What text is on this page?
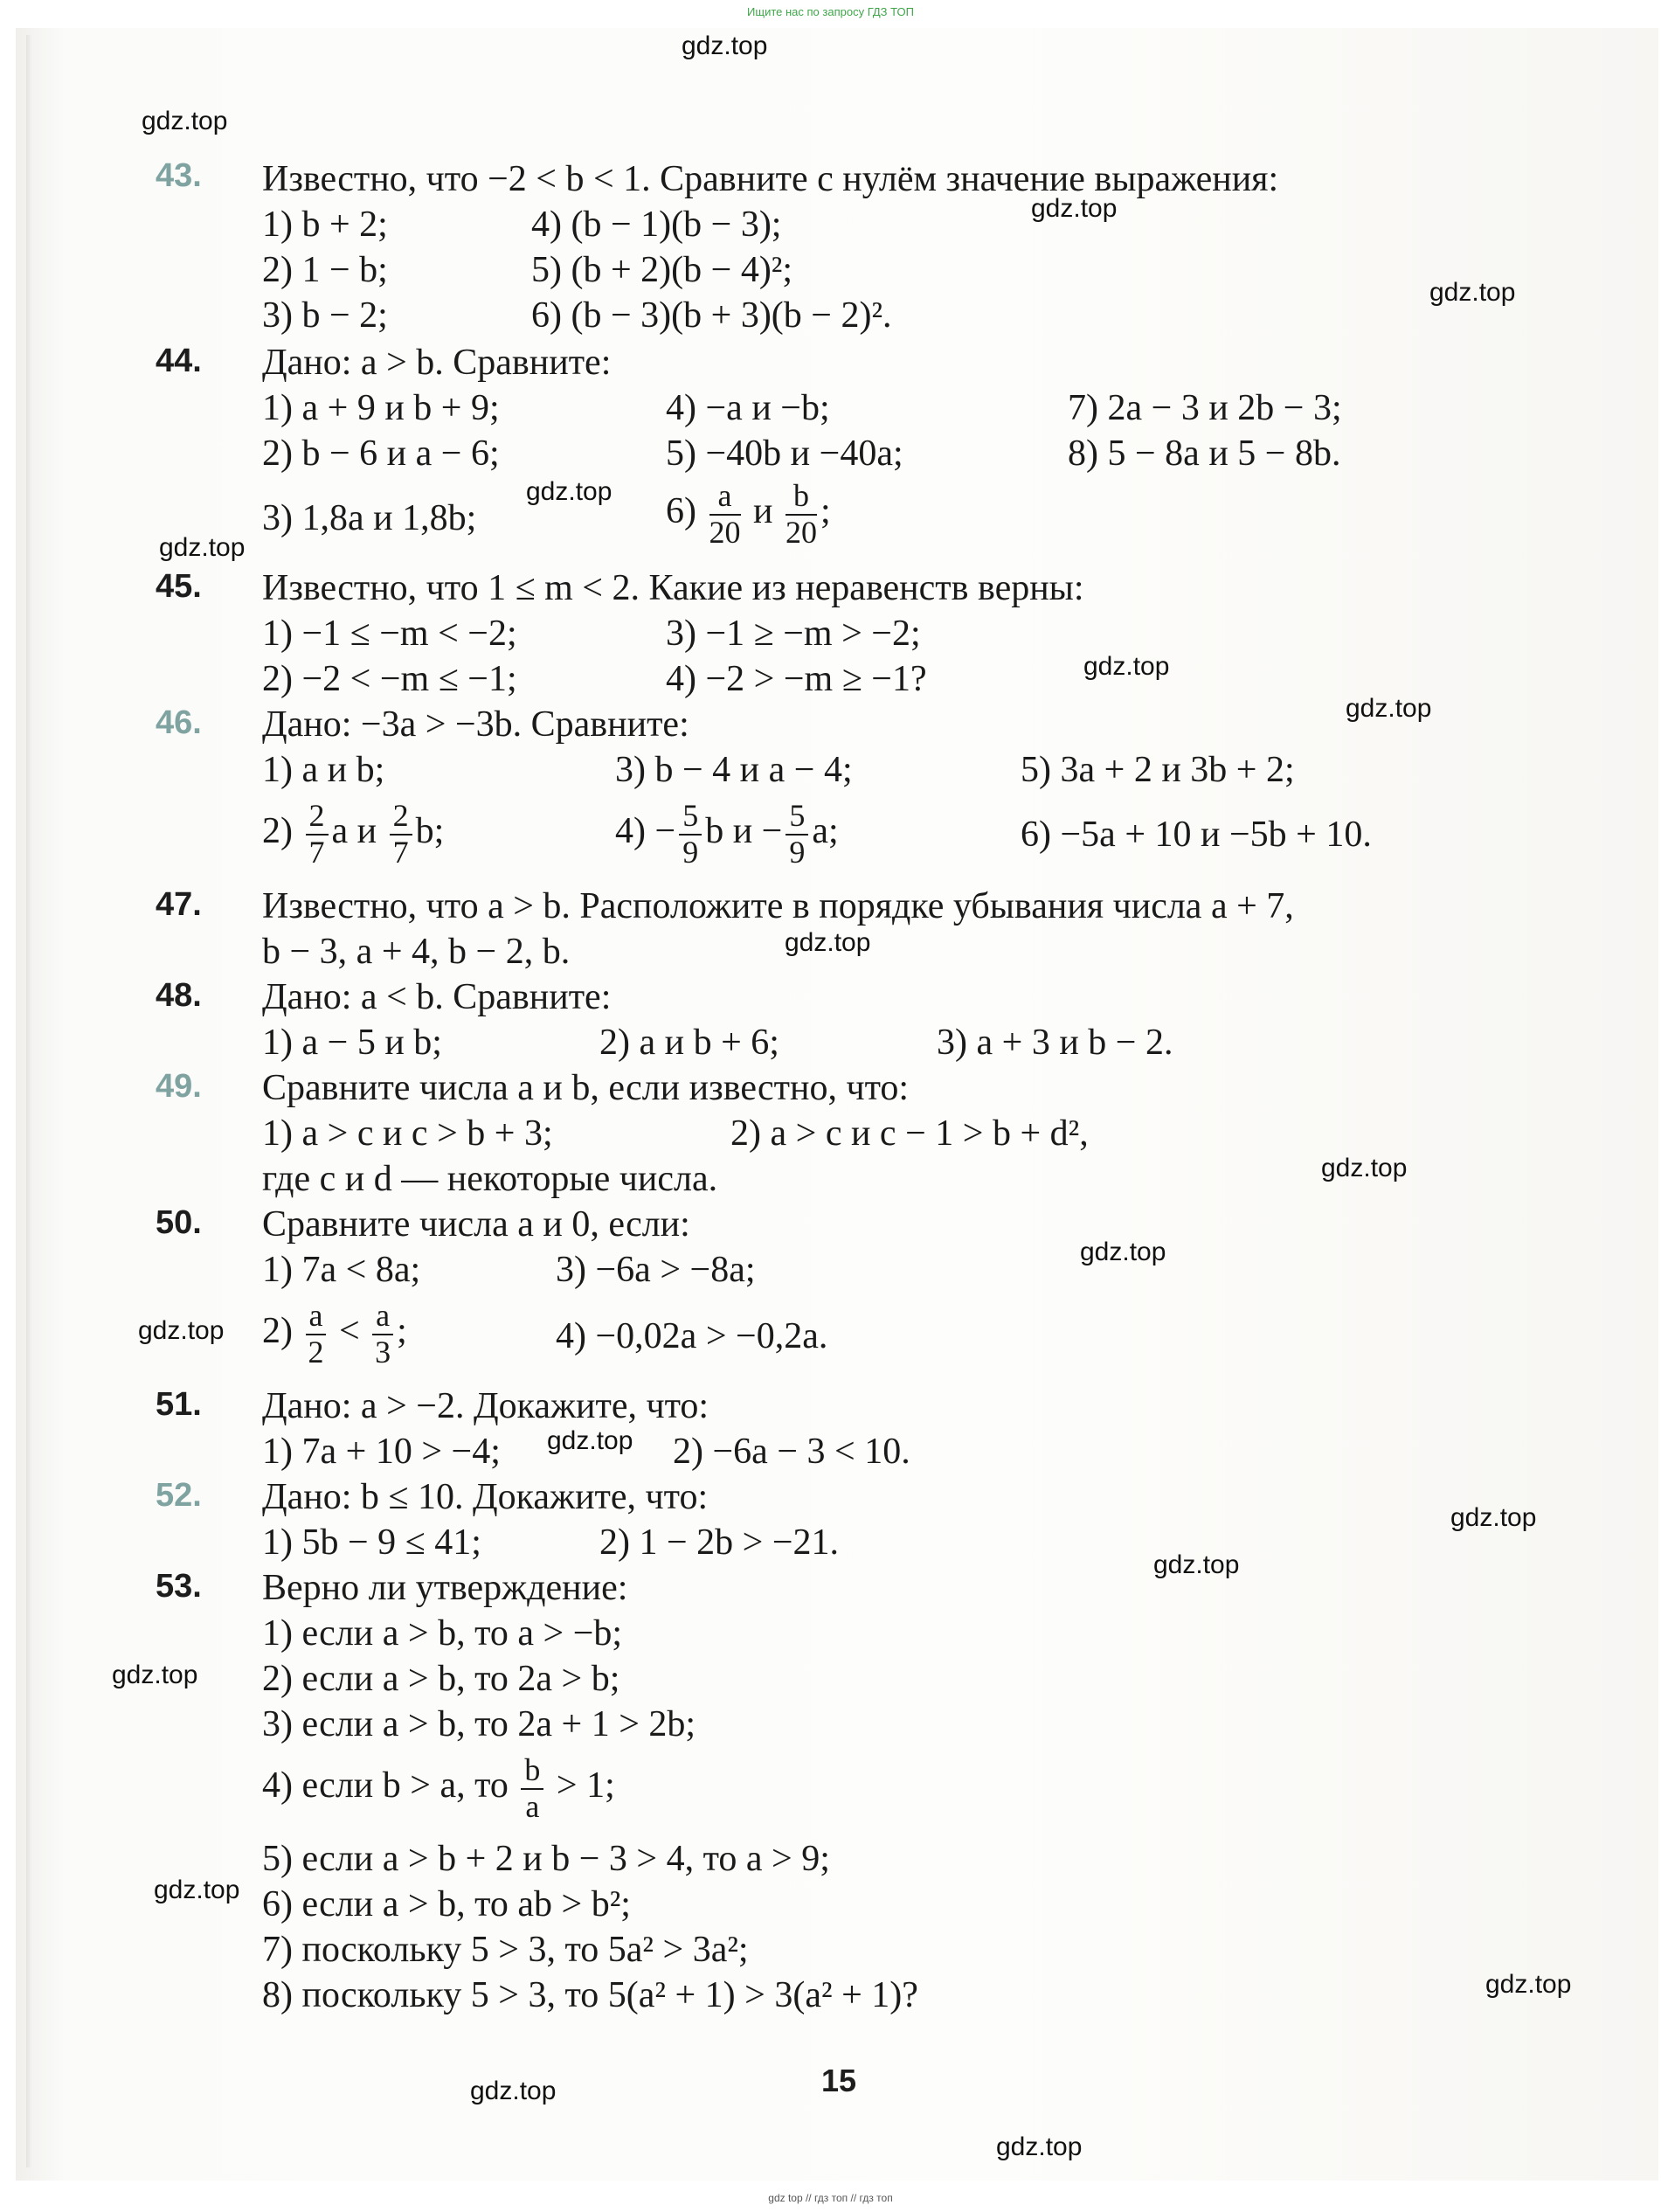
Ищите нас по запросу ГДЗ ТОП
gdz.top
gdz.top
gdz.top
gdz.top
gdz.top
gdz.top
gdz.top
gdz.top
gdz.top
gdz.top
gdz.top
gdz.top
gdz.top
gdz.top
gdz.top
gdz.top
gdz.top
gdz.top
gdz.top
gdz.top
43. Известно, что −2 < b < 1. Сравните с нулём значение выражения:
1) b + 2;
2) 1 − b;
3) b − 2;
4) (b − 1)(b − 3);
5) (b + 2)(b − 4)²;
6) (b − 3)(b + 3)(b − 2)².
44. Дано: a > b. Сравните:
1) a + 9 и b + 9;
2) b − 6 и a − 6;
3) 1,8a и 1,8b;
4) −a и −b;
5) −40b и −40a;
$6) \frac{a}{20}$ и $\frac{b}{20}$ ;
7) 2a − 3 и 2b − 3;
8) 5 − 8a и 5 − 8b.
45. Известно, что 1 ≤ m < 2. Какие из неравенств верны:
1) −1 ≤ −m < −2;
2) −2 < −m ≤ −1;
3) −1 ≥ −m > −2;
4) −2 > −m ≥ −1?
46. Дано: −3a > −3b. Сравните:
1) a и b;
$2) \frac{2}{7}$ a и $\frac{2}{7} b$;
3) b − 4 и a − 4;
$4) - \frac{5}{9}$ b $и - \frac{5}{9} a$;
5) 3a + 2 и 3b + 2;
6) −5a + 10 и −5b + 10.
47. Известно, что a > b. Расположите в порядке убывания числа a + 7,
b − 3, a + 4, b − 2, b.
48. Дано: a < b. Сравните:
1) a − 5 и b;	2) a и b + 6;	3) a + 3 и b − 2.
49. Сравните числа a и b, если известно, что:
1) a > c и c > b + 3;	2) a > c и c − 1 > b + d²,
где c и d — некоторые числа.
50. Сравните числа a и 0, если:
1) 7a < 8a;	3) −6a > −8a;
$2) \frac{a}{2} < \frac{a}{3}$ ;	4) −0,02a > −0,2a.
51. Дано: a > −2. Докажите, что:
1) 7a + 10 > −4;	2) −6a − 3 < 10.
52. Дано: b ≤ 10. Докажите, что:
1) 5b − 9 ≤ 41;	2) 1 − 2b > −21.
53. Верно ли утверждение:
1) если a > b, то a > −b;
2) если a > b, то 2a > b;
3) если a > b, то 2a + 1 > 2b;
4) если b > a, то $\frac{b}{a} > 1$;
5) если a > b + 2 и b − 3 > 4, то a > 9;
6) если a > b, то ab > b²;
7) поскольку 5 > 3, то 5a² > 3a²;
8) поскольку 5 > 3, то 5(a² + 1) > 3(a² + 1)?
15
gdz top // гдз топ // гдз топ
